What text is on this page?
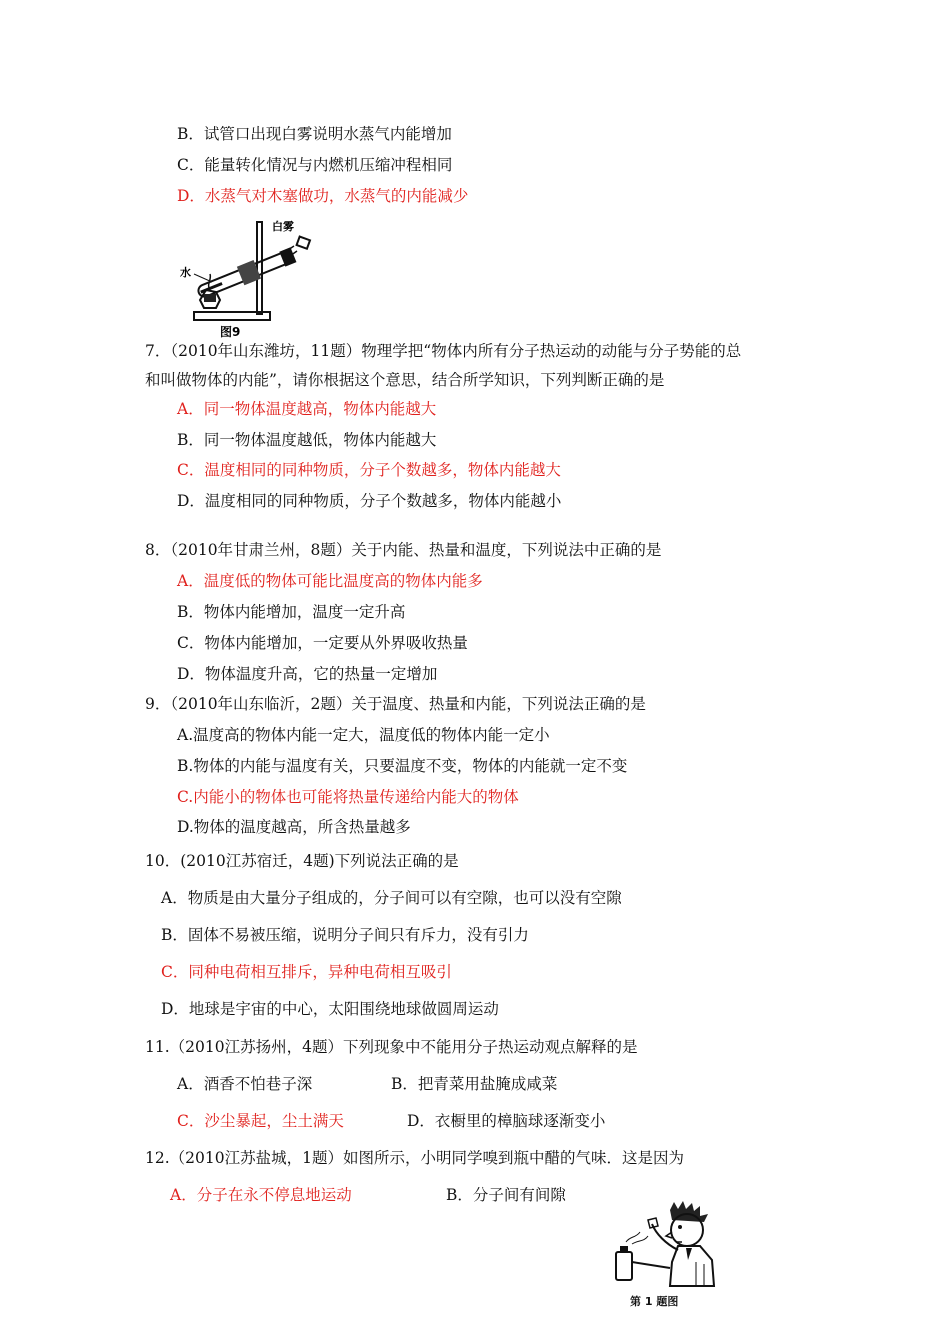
B．试管口出现白雾说明水蒸气内能增加
C．能量转化情况与内燃机压缩冲程相同
D．水蒸气对木塞做功，水蒸气的内能减少
白雾
水
图9
7．（2010年山东潍坊，11题）物理学把“物体内所有分子热运动的动能与分子势能的总
和叫做物体的内能”，请你根据这个意思，结合所学知识，下列判断正确的是
A．同一物体温度越高，物体内能越大
B．同一物体温度越低，物体内能越大
C．温度相同的同种物质，分子个数越多，物体内能越大
D．温度相同的同种物质，分子个数越多，物体内能越小
8．（2010年甘肃兰州，8题）关于内能、热量和温度，下列说法中正确的是
A．温度低的物体可能比温度高的物体内能多
B．物体内能增加，温度一定升高
C．物体内能增加，一定要从外界吸收热量
D．物体温度升高，它的热量一定增加
9．（2010年山东临沂，2题）关于温度、热量和内能，下列说法正确的是
A.温度高的物体内能一定大，温度低的物体内能一定小
B.物体的内能与温度有关，只要温度不变，物体的内能就一定不变
C.内能小的物体也可能将热量传递给内能大的物体
D.物体的温度越高，所含热量越多
10．(2010江苏宿迁，4题)下列说法正确的是
A．物质是由大量分子组成的，分子间可以有空隙，也可以没有空隙
B．固体不易被压缩，说明分子间只有斥力，没有引力
C．同种电荷相互排斥，异种电荷相互吸引
D．地球是宇宙的中心，太阳围绕地球做圆周运动
11.（2010江苏扬州，4题）下列现象中不能用分子热运动观点解释的是
A．酒香不怕巷子深	B．把青菜用盐腌成咸菜
C．沙尘暴起，尘土满天	D．衣橱里的樟脑球逐渐变小
12.（2010江苏盐城，1题）如图所示，小明同学嗅到瓶中醋的气味．这是因为
A．分子在永不停息地运动	B．分子间有间隙
第 1 题图
